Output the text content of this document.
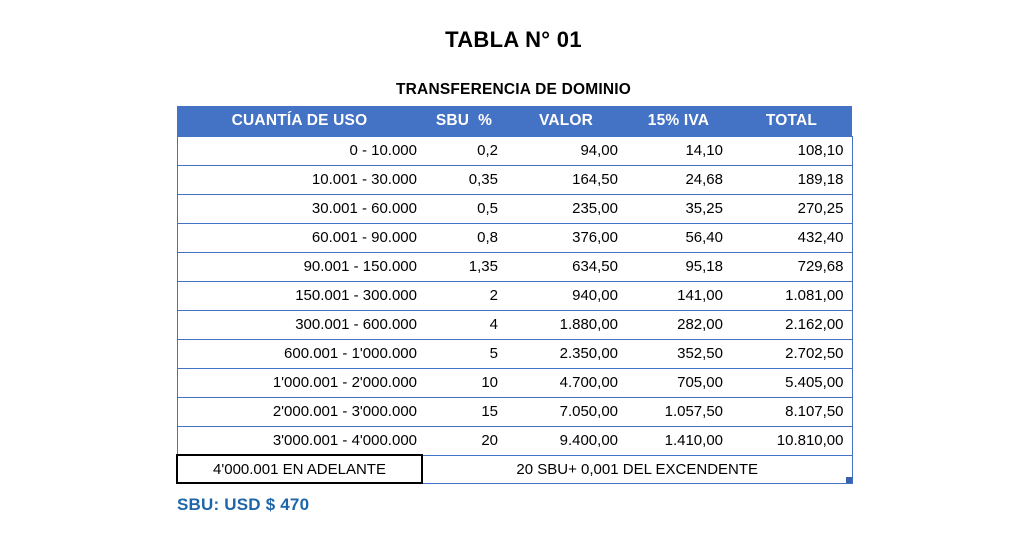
TABLA N° 01
TRANSFERENCIA DE DOMINIO
CUANTÍA DE USO	SBU  %	VALOR	15% IVA	TOTAL
0 - 10.000	0,2	94,00	14,10	108,10
10.001 - 30.000	0,35	164,50	24,68	189,18
30.001 - 60.000	0,5	235,00	35,25	270,25
60.001 - 90.000	0,8	376,00	56,40	432,40
90.001 - 150.000	1,35	634,50	95,18	729,68
150.001 - 300.000	2	940,00	141,00	1.081,00
300.001 - 600.000	4	1.880,00	282,00	2.162,00
600.001 - 1'000.000	5	2.350,00	352,50	2.702,50
1'000.001 - 2'000.000	10	4.700,00	705,00	5.405,00
2'000.001 - 3'000.000	15	7.050,00	1.057,50	8.107,50
3'000.001 - 4'000.000	20	9.400,00	1.410,00	10.810,00
4'000.001 EN ADELANTE	20 SBU+ 0,001 DEL EXCENDENTE			
SBU: USD $ 470
